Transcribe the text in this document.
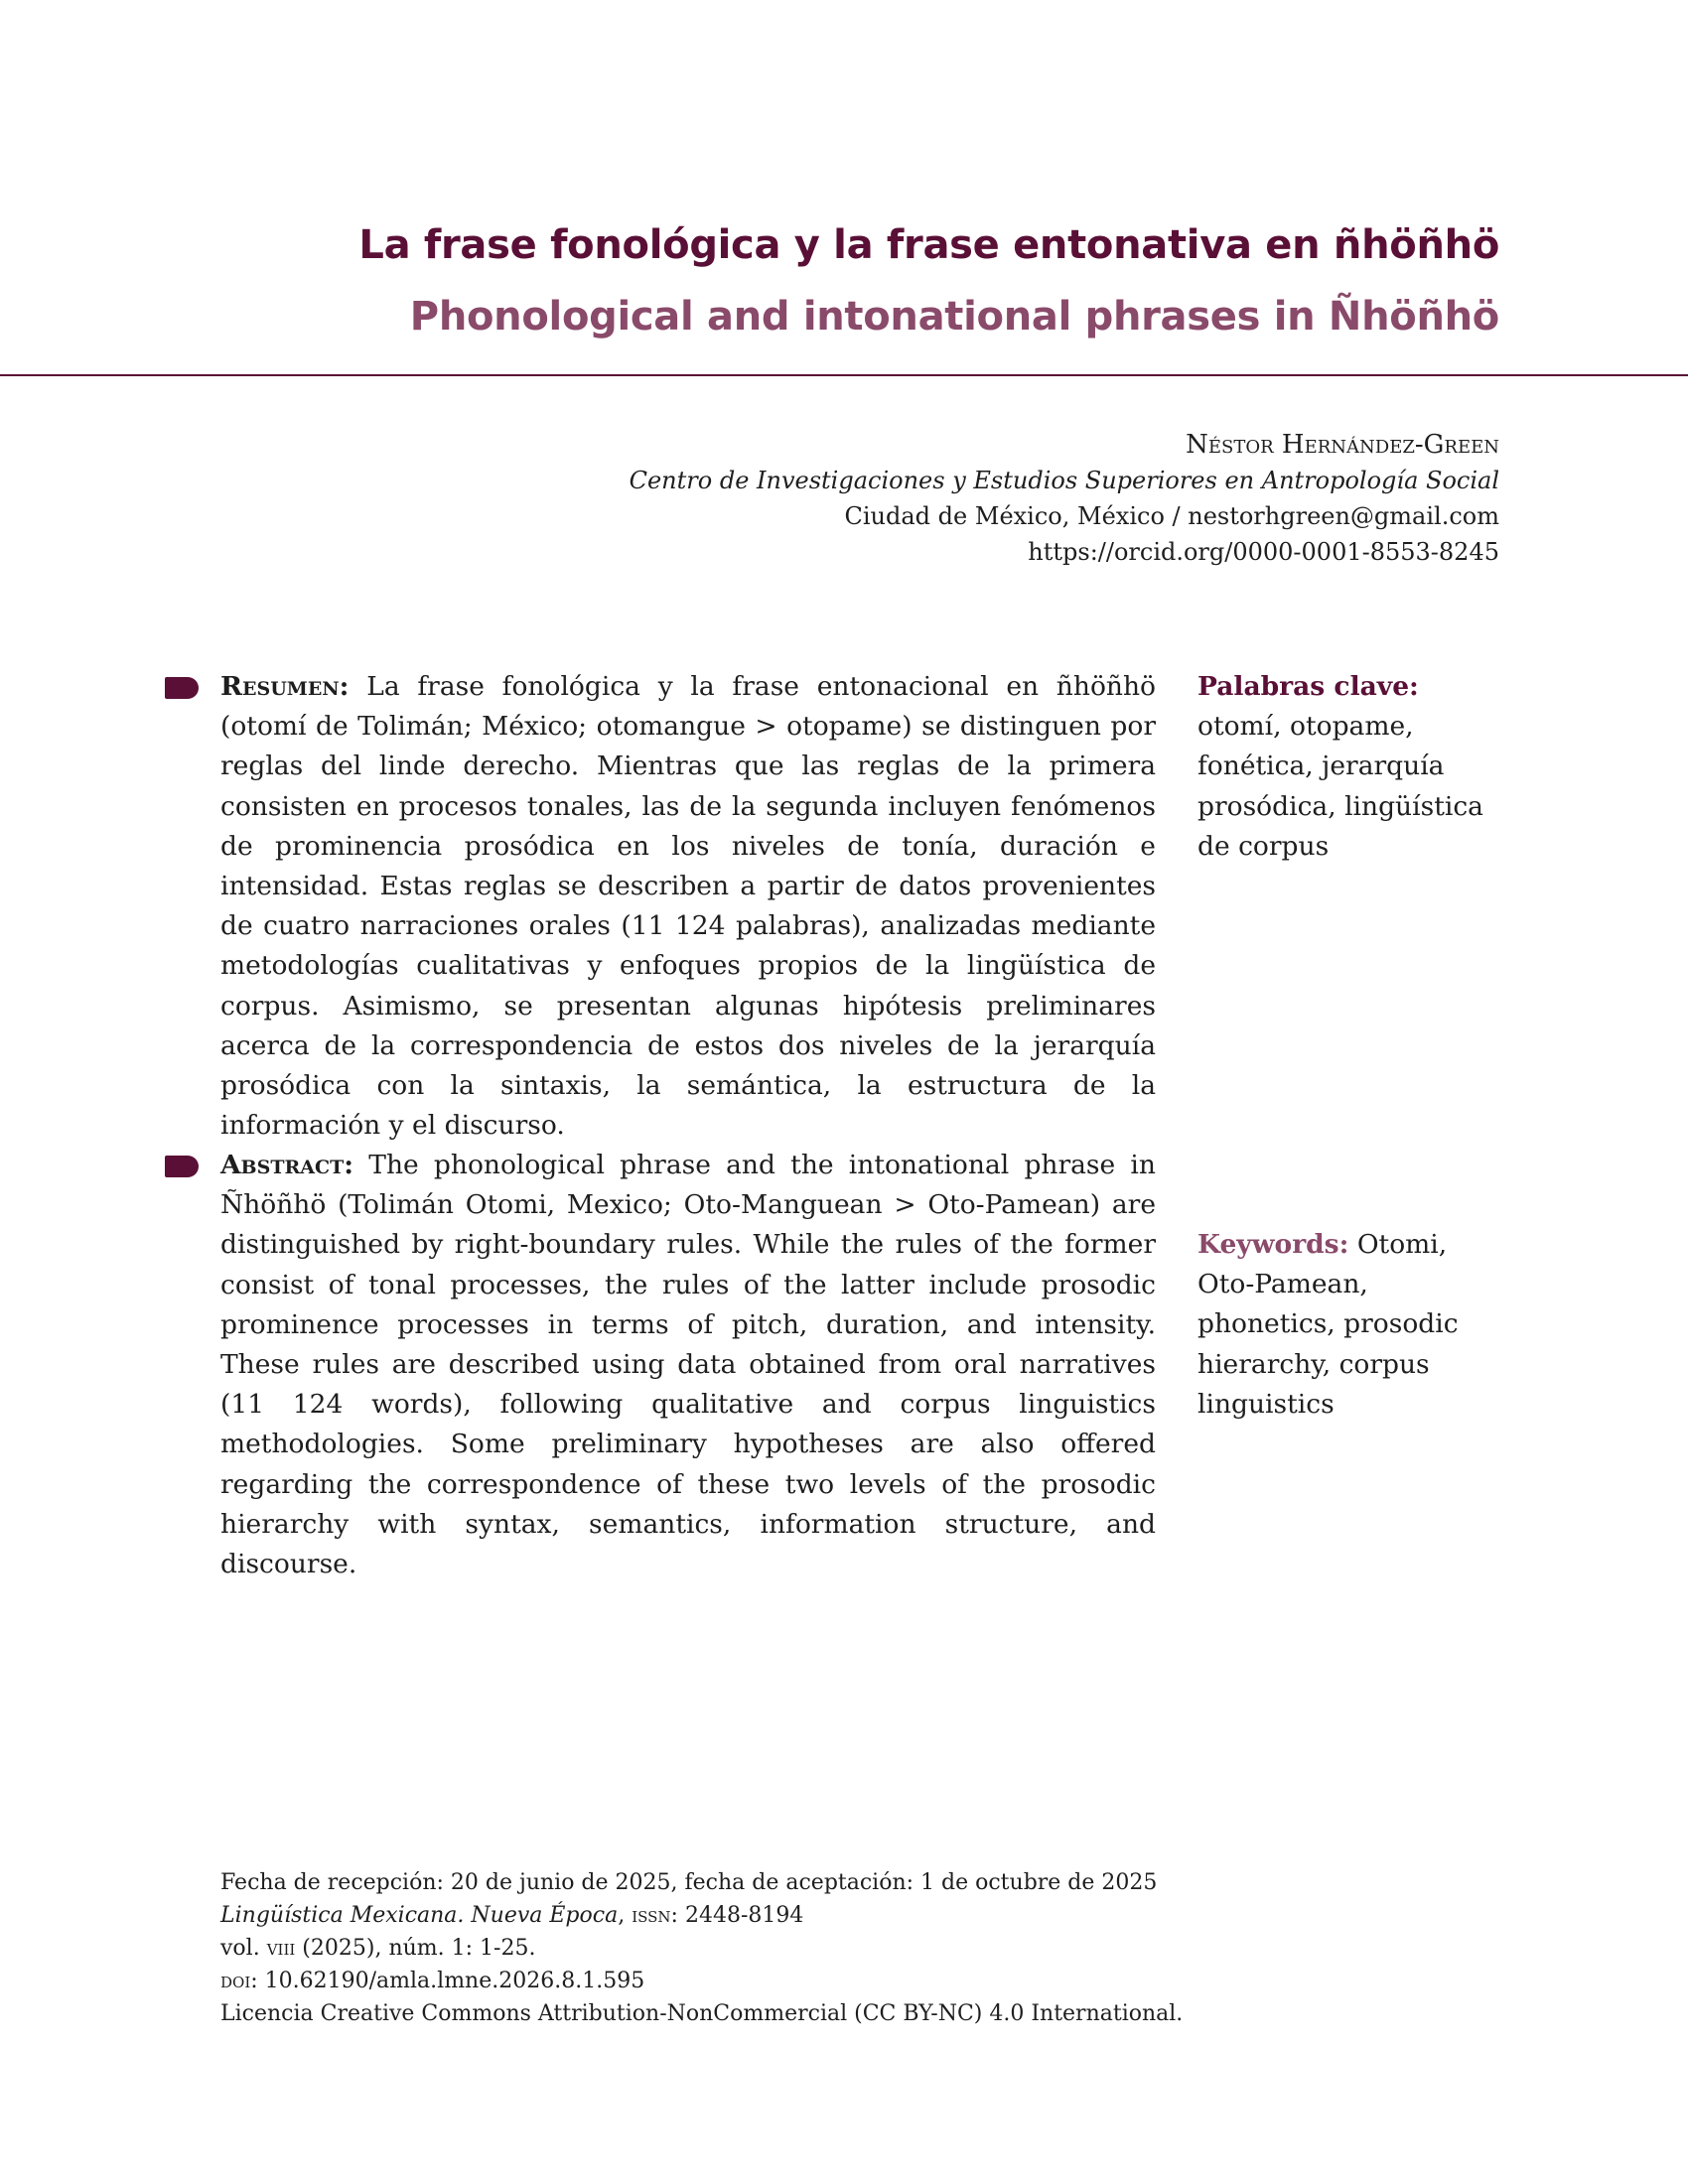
La frase fonológica y la frase entonativa en ñhöñhö
Phonological and intonational phrases in Ñhöñhö
Néstor Hernández-Green
Centro de Investigaciones y Estudios Superiores en Antropología Social
Ciudad de México, México / nestorhgreen@gmail.com
https://orcid.org/0000-0001-8553-8245
Resumen: La frase fonológica y la frase entonacional en ñhöñhö (otomí de Tolimán; México; otomangue > otopame) se distinguen por reglas del linde derecho. Mientras que las reglas de la primera consisten en procesos tonales, las de la segunda incluyen fenómenos de prominencia prosódica en los niveles de tonía, duración e intensidad. Estas reglas se describen a partir de datos provenientes de cuatro narraciones orales (11 124 palabras), analizadas mediante metodologías cualitativas y enfoques propios de la lingüística de corpus. Asimismo, se presentan algunas hipótesis preliminares acerca de la correspondencia de estos dos niveles de la jerarquía prosódica con la sintaxis, la semántica, la estructura de la información y el discurso.
Palabras clave: otomí, otopame, fonética, jerarquía prosódica, lingüística de corpus
Abstract: The phonological phrase and the intonational phrase in Ñhöñhö (Tolimán Otomi, Mexico; Oto-Manguean > Oto-Pamean) are distinguished by right-boundary rules. While the rules of the former consist of tonal processes, the rules of the latter include prosodic prominence processes in terms of pitch, duration, and intensity. These rules are described using data obtained from oral narratives (11 124 words), following qualitative and corpus linguistics methodologies. Some preliminary hypotheses are also offered regarding the correspondence of these two levels of the prosodic hierarchy with syntax, semantics, information structure, and discourse.
Keywords: Otomi, Oto-Pamean, phonetics, prosodic hierarchy, corpus linguistics
Fecha de recepción: 20 de junio de 2025, fecha de aceptación: 1 de octubre de 2025
Lingüística Mexicana. Nueva Época, issn: 2448-8194
vol. viii (2025), núm. 1: 1-25.
doi: 10.62190/amla.lmne.2026.8.1.595
Licencia Creative Commons Attribution-NonCommercial (CC BY-NC) 4.0 International.
